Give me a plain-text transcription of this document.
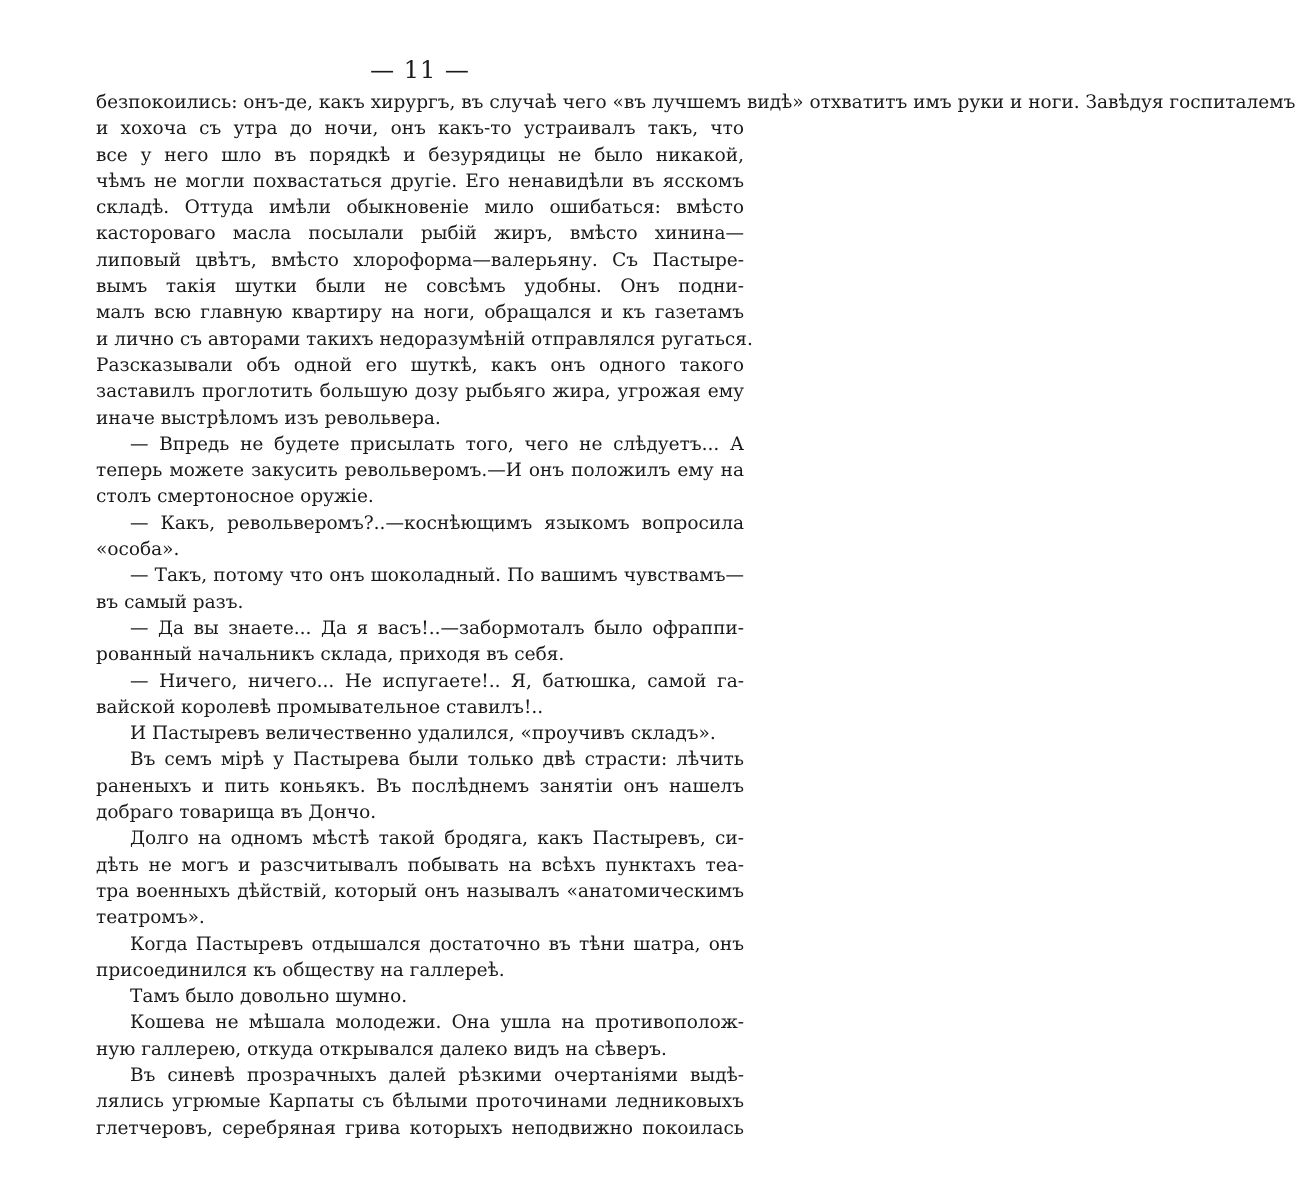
— 11 —
безпокоились: онъ-де, какъ хирургъ, въ случаѣ чего «въ лучшемъ видѣ» отхватитъ имъ руки и ноги. Завѣдуя госпиталемъ
и хохоча съ утра до ночи, онъ какъ-то устраивалъ такъ, что
все у него шло въ порядкѣ и безурядицы не было никакой,
чѣмъ не могли похвастаться другіе. Его ненавидѣли въ ясскомъ
складѣ. Оттуда имѣли обыкновеніе мило ошибаться: вмѣсто
кастороваго масла посылали рыбій жиръ, вмѣсто хинина—
липовый цвѣтъ, вмѣсто хлороформа—валерьяну. Съ Пастыре-
вымъ такія шутки были не совсѣмъ удобны. Онъ подни-
малъ всю главную квартиру на ноги, обращался и къ газетамъ
и лично съ авторами такихъ недоразумѣній отправлялся ругаться.
Разсказывали объ одной его шуткѣ, какъ онъ одного такого
заставилъ проглотить большую дозу рыбьяго жира, угрожая ему
иначе выстрѣломъ изъ револьвера.
— Впредь не будете присылать того, чего не слѣдуетъ... А
теперь можете закусить револьверомъ.—И онъ положилъ ему на
столъ смертоносное оружіе.
— Какъ, револьверомъ?..—коснѣющимъ языкомъ вопросила
«особа».
— Такъ, потому что онъ шоколадный. По вашимъ чувствамъ—
въ самый разъ.
— Да вы знаете... Да я васъ!..—забормоталъ было офраппи-
рованный начальникъ склада, приходя въ себя.
— Ничего, ничего... Не испугаетe!.. Я, батюшка, самой га-
вайской королевѣ промывательное ставилъ!..
И Пастыревъ величественно удалился, «проучивъ складъ».
Въ семъ мірѣ у Пастырева были только двѣ страсти: лѣчить
раненыхъ и пить коньякъ. Въ послѣднемъ занятіи онъ нашелъ
добраго товарища въ Дончо.
Долго на одномъ мѣстѣ такой бродяга, какъ Пастыревъ, си-
дѣть не могъ и разсчитывалъ побывать на всѣхъ пунктахъ теа-
тра военныхъ дѣйствій, который онъ называлъ «анатомическимъ
театромъ».
Когда Пастыревъ отдышался достаточно въ тѣни шатра, онъ
присоединился къ обществу на галлереѣ.
Тамъ было довольно шумно.
Кошева не мѣшала молодежи. Она ушла на противополож-
ную галлерею, откуда открывался далеко видъ на сѣверъ.
Въ синевѣ прозрачныхъ далей рѣзкими очертаніями выдѣ-
лялись угрюмые Карпаты съ бѣлыми проточинами ледниковыхъ
глетчеровъ, серебряная грива которыхъ неподвижно покоилась
